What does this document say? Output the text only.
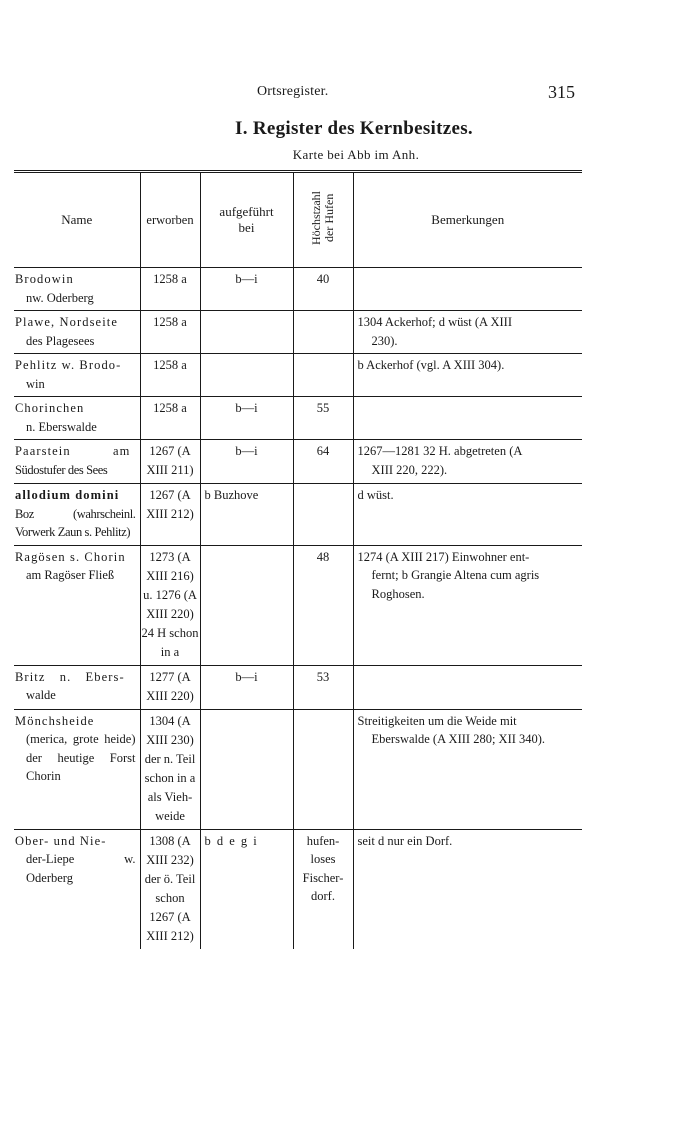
Ortsregister.	315
I. Register des Kernbesitzes.
Karte bei Abb im Anh.
Name	erworben	aufgeführt bei	Höchstzahl
der Hufen	Bemerkungen
Brodowin
nw. Oderberg	1258 a	b—i	40	

Plawe, Nordseite
des Plagesees	1258 a			1304 Ackerhof; d wüst (A XIII
230).

Pehlitz w. Brodo-
win	1258 a			b Ackerhof (vgl. A XIII 304).

Chorinchen
n. Eberswalde	1258 a	b—i	55	

Paarstein am
Südostufer des Sees	1267 (A XIII 211)	b—i	64	1267—1281 32 H. abgetreten (A
XIII 220, 222).

allodium domini
Boz (wahrscheinl. Vorwerk Zaun s. Pehlitz)	1267 (A XIII 212)	b Buzhove		d wüst.

Ragösen s. Chorin
am Ragöser Fließ	1273 (A XIII 216) u. 1276 (A XIII 220) 24 H schon in a		48	1274 (A XIII 217) Einwohner ent-
fernt; b Grangie Altena cum agris Roghosen.

Britz n. Ebers-
walde	1277 (A XIII 220)	b—i	53	

Mönchsheide
(merica, grote heide) der heutige Forst Chorin	1304 (A XIII 230) der n. Teil schon in a als Vieh-weide			Streitigkeiten um die Weide mit
Eberswalde (A XIII 280; XII 340).

Ober- und Nie-
der-Liepe w. Oderberg	1308 (A XIII 232) der ö. Teil schon 1267 (A XIII 212)	b d e g i	hufen-loses Fischer-dorf.	seit d nur ein Dorf.
